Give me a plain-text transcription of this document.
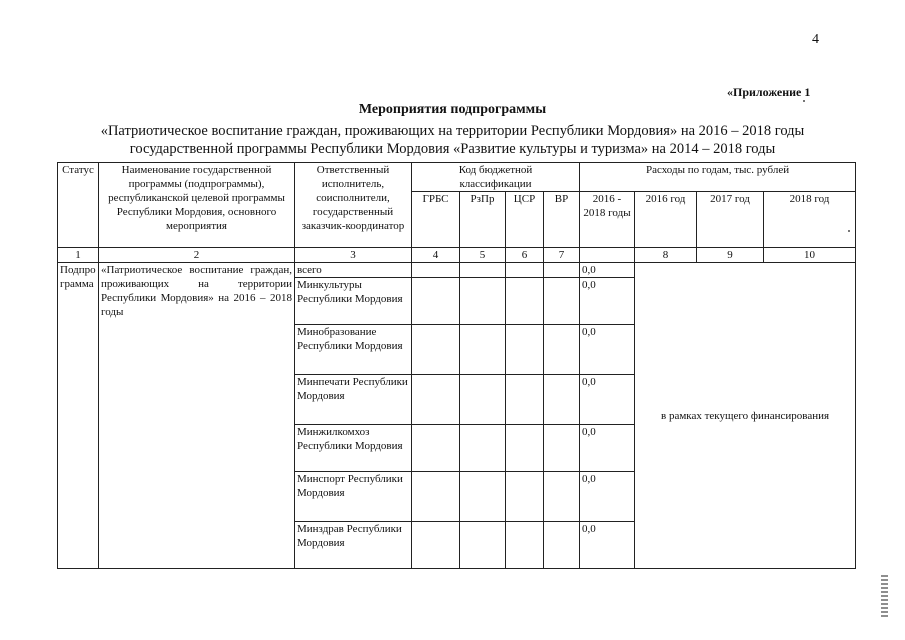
4
«Приложение 1
Мероприятия подпрограммы
«Патриотическое воспитание граждан, проживающих на территории Республики Мордовия» на 2016 – 2018 годы
государственной программы Республики Мордовия «Развитие культуры и туризма» на 2014 – 2018 годы
Статус	Наименование государственной программы (подпрограммы), республиканской целевой программы Республики Мордовия, основного мероприятия	Ответственный исполнитель, соисполнители, государственный заказчик-координатор	Код бюджетной классификации				Расходы по годам, тыс. рублей			
			ГРБС	РзПр	ЦСР	ВР	2016 - 2018 годы	2016 год	2017 год	2018 год
1	2	3	4	5	6	7		8	9	10
Подпро грамма	«Патриотическое воспитание граждан, проживающих на территории Республики Мордовия» на 2016 – 2018 годы	всего					0,0	в рамках текущего финансирования		
		Минкультуры Республики Мордовия					0,0			
		Минобразование Республики Мордовия					0,0			
		Минпечати Республики Мордовия					0,0			
		Минжилкомхоз Республики Мордовия					0,0			
		Минспорт Республики Мордовия					0,0			
		Минздрав Республики Мордовия					0,0			
